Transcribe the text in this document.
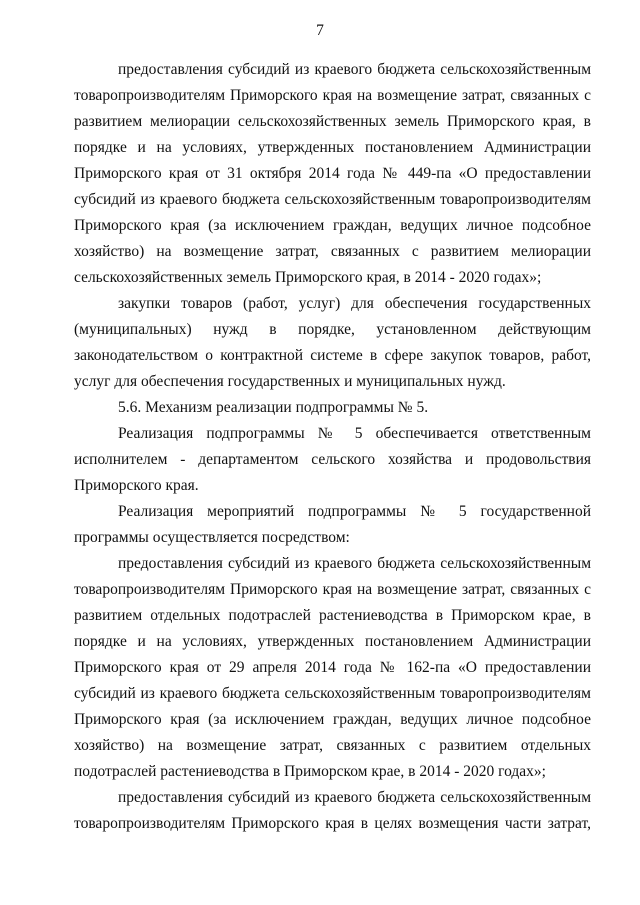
7

предоставления субсидий из краевого бюджета сельскохозяйственным товаропроизводителям Приморского края на возмещение затрат, связанных с развитием мелиорации сельскохозяйственных земель Приморского края, в порядке и на условиях, утвержденных постановлением Администрации Приморского края от 31 октября 2014 года № 449-па «О предоставлении субсидий из краевого бюджета сельскохозяйственным товаропроизводителям Приморского края (за исключением граждан, ведущих личное подсобное хозяйство) на возмещение затрат, связанных с развитием мелиорации сельскохозяйственных земель Приморского края, в 2014 - 2020 годах»;

закупки товаров (работ, услуг) для обеспечения государственных (муниципальных) нужд в порядке, установленном действующим законодательством о контрактной системе в сфере закупок товаров, работ, услуг для обеспечения государственных и муниципальных нужд.

5.6. Механизм реализации подпрограммы № 5.

Реализация подпрограммы № 5 обеспечивается ответственным исполнителем - департаментом сельского хозяйства и продовольствия Приморского края.

Реализация мероприятий подпрограммы № 5 государственной программы осуществляется посредством:

предоставления субсидий из краевого бюджета сельскохозяйственным товаропроизводителям Приморского края на возмещение затрат, связанных с развитием отдельных подотраслей растениеводства в Приморском крае, в порядке и на условиях, утвержденных постановлением Администрации Приморского края от 29 апреля 2014 года № 162-па «О предоставлении субсидий из краевого бюджета сельскохозяйственным товаропроизводителям Приморского края (за исключением граждан, ведущих личное подсобное хозяйство) на возмещение затрат, связанных с развитием отдельных подотраслей растениеводства в Приморском крае, в 2014 - 2020 годах»;

предоставления субсидий из краевого бюджета сельскохозяйственным товаропроизводителям Приморского края в целях возмещения части затрат,
